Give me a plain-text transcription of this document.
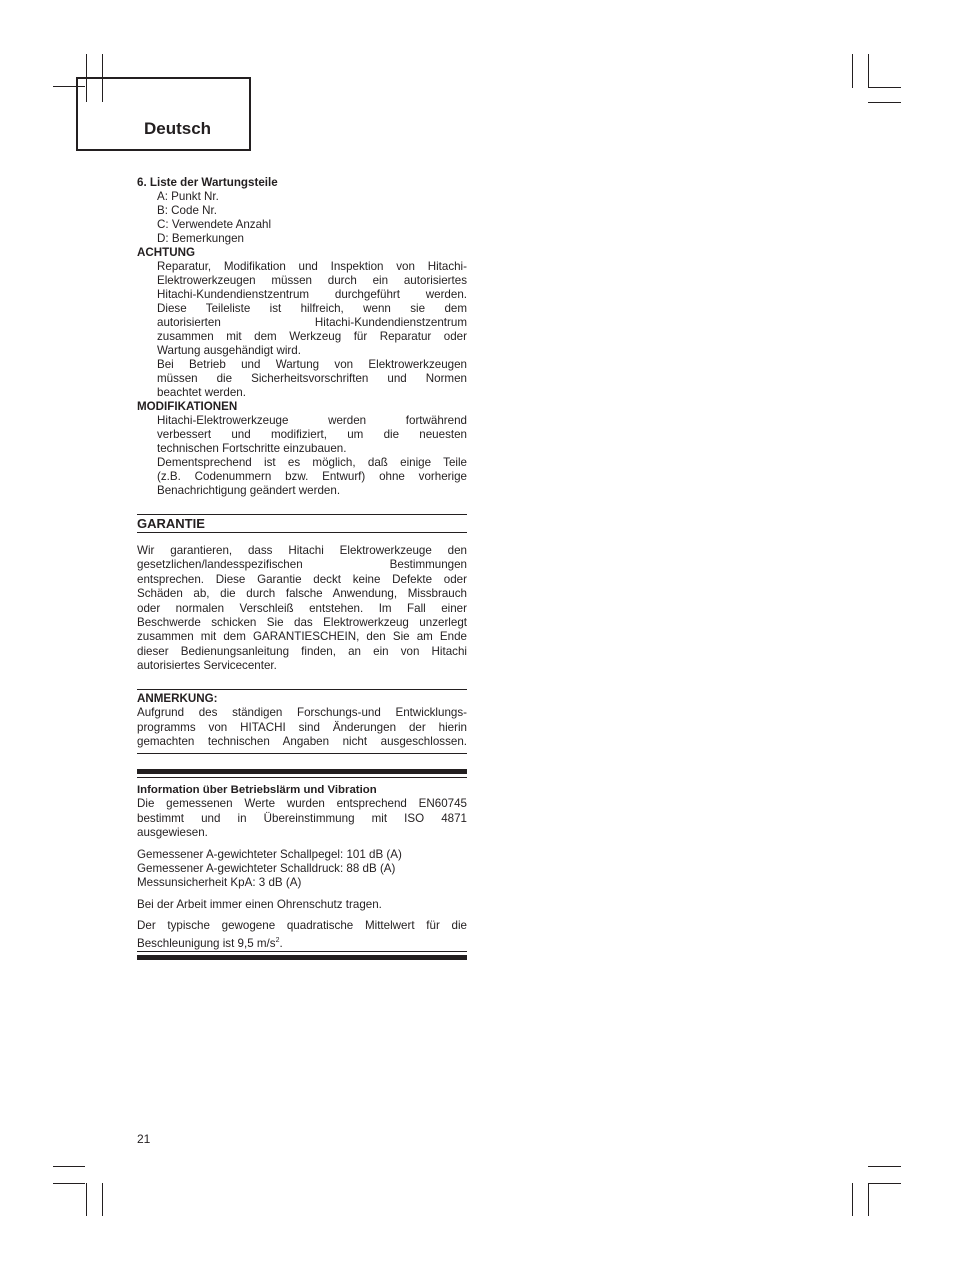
Deutsch
6. Liste der Wartungsteile
A: Punkt Nr.
B: Code Nr.
C: Verwendete Anzahl
D: Bemerkungen
ACHTUNG
Reparatur, Modifikation und Inspektion von Hitachi-
Elektrowerkzeugen müssen durch ein autorisiertes
Hitachi-Kundendienstzentrum durchgeführt werden.
Diese Teileliste ist hilfreich, wenn sie dem
autorisierten Hitachi-Kundendienstzentrum
zusammen mit dem Werkzeug für Reparatur oder
Wartung ausgehändigt wird.
Bei Betrieb und Wartung von Elektrowerkzeugen
müssen die Sicherheitsvorschriften und Normen
beachtet werden.
MODIFIKATIONEN
Hitachi-Elektrowerkzeuge werden fortwährend
verbessert und modifiziert, um die neuesten
technischen Fortschritte einzubauen.
Dementsprechend ist es möglich, daß einige Teile
(z.B. Codenummern bzw. Entwurf) ohne vorherige
Benachrichtigung geändert werden.
GARANTIE
Wir garantieren, dass Hitachi Elektrowerkzeuge den
gesetzlichen/landesspezifischen Bestimmungen
entsprechen. Diese Garantie deckt keine Defekte oder
Schäden ab, die durch falsche Anwendung, Missbrauch
oder normalen Verschleiß entstehen. Im Fall einer
Beschwerde schicken Sie das Elektrowerkzeug unzerlegt
zusammen mit dem GARANTIESCHEIN, den Sie am Ende
dieser Bedienungsanleitung finden, an ein von Hitachi
autorisiertes Servicecenter.
ANMERKUNG:
Aufgrund des ständigen Forschungs-und Entwicklungs-
programms von HITACHI sind Änderungen der hierin
gemachten technischen Angaben nicht ausgeschlossen.
Information über Betriebslärm und Vibration
Die gemessenen Werte wurden entsprechend EN60745
bestimmt und in Übereinstimmung mit ISO 4871
ausgewiesen.
Gemessener A-gewichteter Schallpegel: 101 dB (A)
Gemessener A-gewichteter Schalldruck: 88 dB (A)
Messunsicherheit KpA: 3 dB (A)
Bei der Arbeit immer einen Ohrenschutz tragen.
Der typische gewogene quadratische Mittelwert für die
Beschleunigung ist 9,5 $m/s^2$.
21
